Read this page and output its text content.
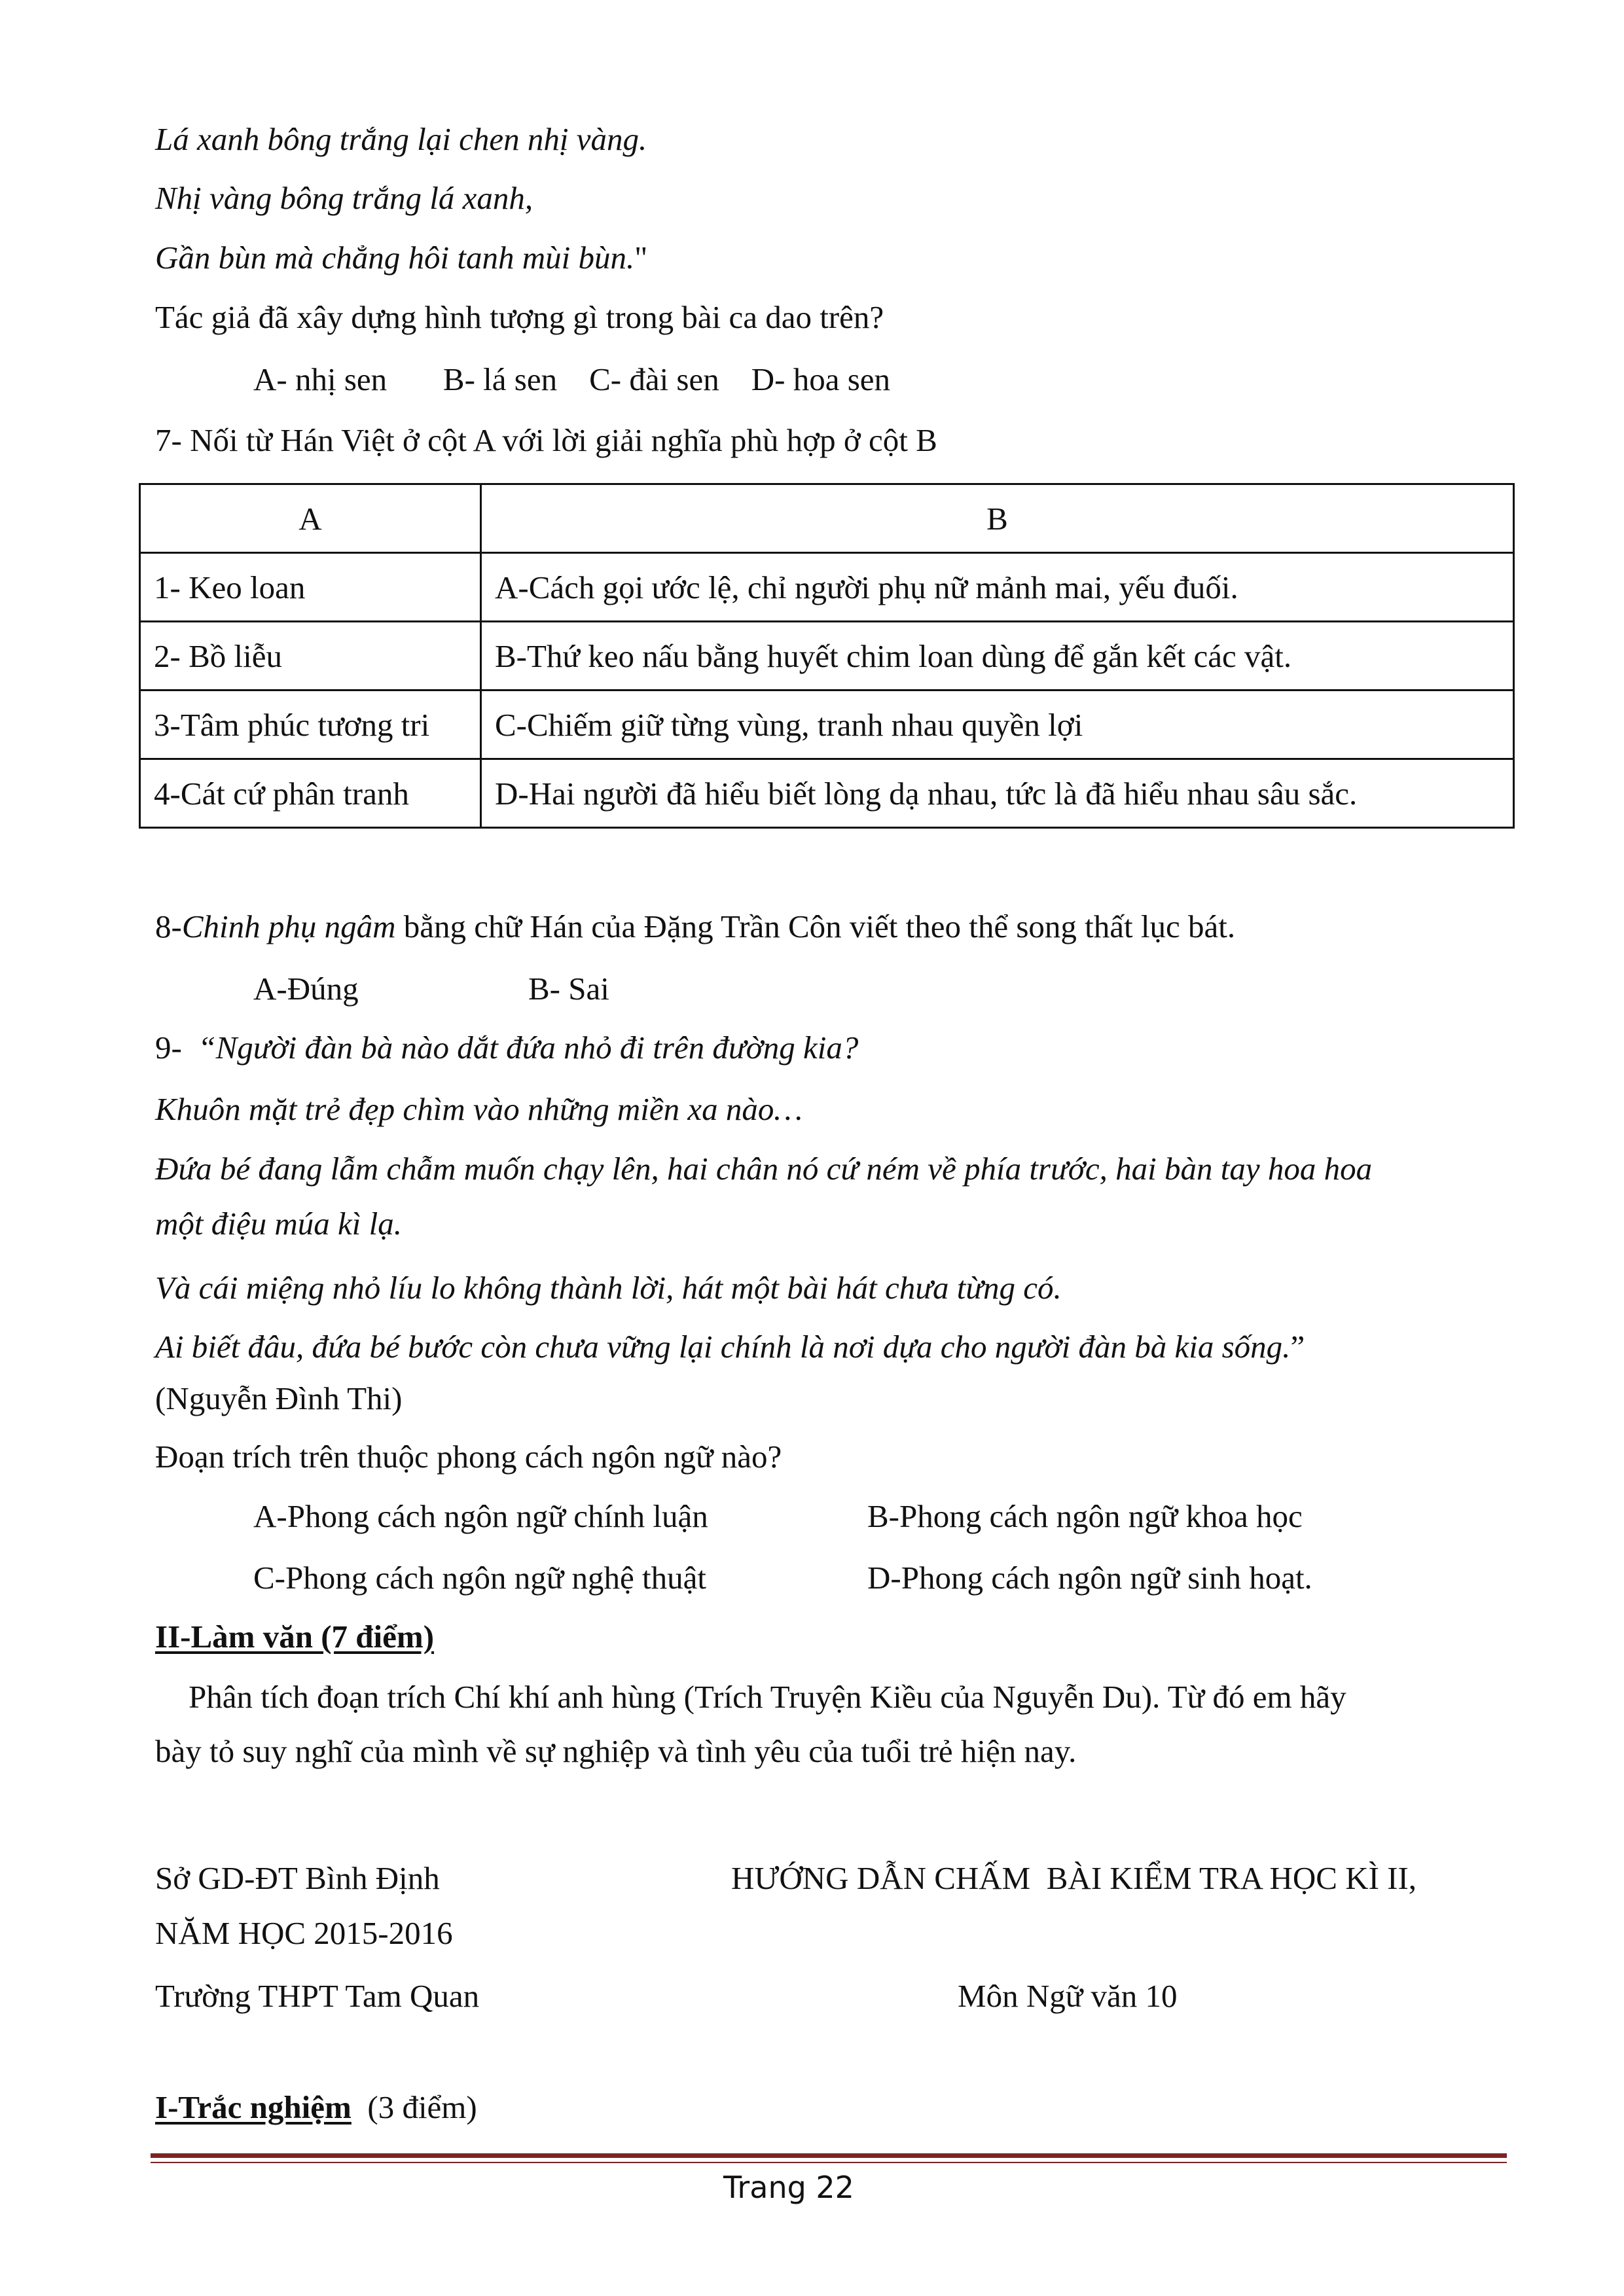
Lá xanh bông trắng lại chen nhị vàng.
Nhị vàng bông trắng lá xanh,
Gần bùn mà chẳng hôi tanh mùi bùn."
Tác giả đã xây dựng hình tượng gì trong bài ca dao trên?
A- nhị sen       B- lá sen    C- đài sen    D- hoa sen
7- Nối từ Hán Việt ở cột A với lời giải nghĩa phù hợp ở cột B
A	B
1- Keo loan	A-Cách gọi ước lệ, chỉ người phụ nữ mảnh mai, yếu đuối.
2- Bồ liễu	B-Thứ keo nấu bằng huyết chim loan dùng để gắn kết các vật.
3-Tâm phúc tương tri	C-Chiếm giữ từng vùng, tranh nhau quyền lợi
4-Cát cứ phân tranh	D-Hai người đã hiểu biết lòng dạ nhau, tức là đã hiểu nhau sâu sắc.
8-Chinh phụ ngâm bằng chữ Hán của Đặng Trần Côn viết theo thể song thất lục bát.
A-Đúng	B- Sai
9-  “Người đàn bà nào dắt đứa nhỏ đi trên đường kia?
Khuôn mặt trẻ đẹp chìm vào những miền xa nào…
Đứa bé đang lẫm chẫm muốn chạy lên, hai chân nó cứ ném về phía trước, hai bàn tay hoa hoa
một điệu múa kì lạ.
Và cái miệng nhỏ líu lo không thành lời, hát một bài hát chưa từng có.
Ai biết đâu, đứa bé bước còn chưa vững lại chính là nơi dựa cho người đàn bà kia sống.”
(Nguyễn Đình Thi)
Đoạn trích trên thuộc phong cách ngôn ngữ nào?
A-Phong cách ngôn ngữ chính luận	B-Phong cách ngôn ngữ khoa học
C-Phong cách ngôn ngữ nghệ thuật	D-Phong cách ngôn ngữ sinh hoạt.
II-Làm văn (7 điểm)
Phân tích đoạn trích Chí khí anh hùng (Trích Truyện Kiều của Nguyễn Du). Từ đó em hãy
bày tỏ suy nghĩ của mình về sự nghiệp và tình yêu của tuổi trẻ hiện nay.
Sở GD-ĐT Bình Định	HƯỚNG DẪN CHẤM  BÀI KIỂM TRA HỌC KÌ II,
NĂM HỌC 2015-2016
Trường THPT Tam Quan	Môn Ngữ văn 10
I-Trắc nghiệm  (3 điểm)
Trang 22
